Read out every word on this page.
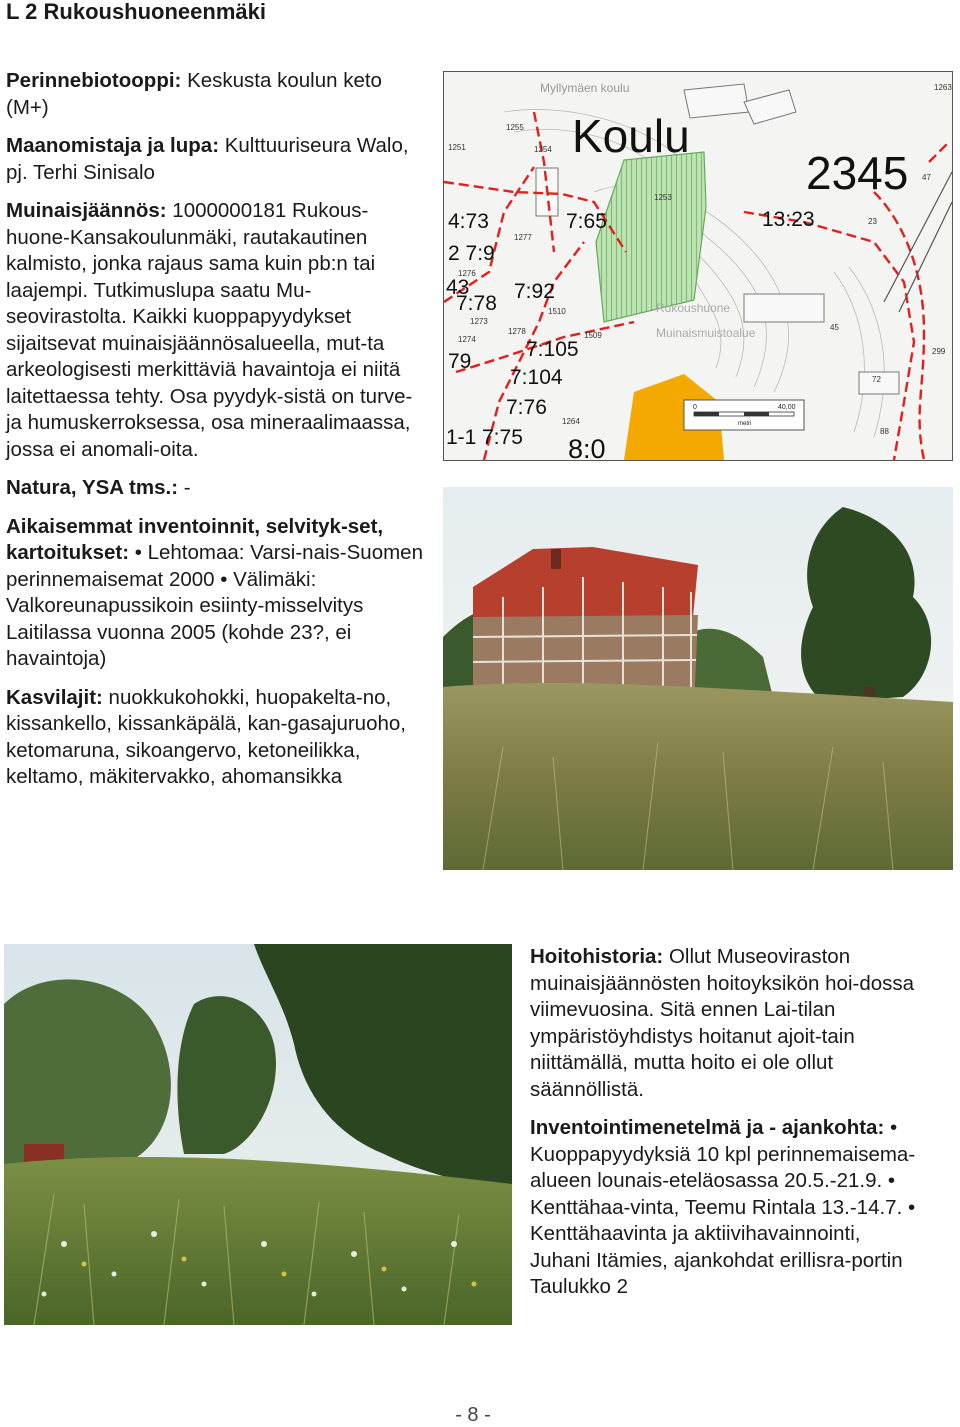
L 2 Rukoushuoneenmäki

Perinnebiotooppi: Keskusta koulun keto (M+)

Maanomistaja ja lupa: Kulttuuriseura Walo, pj. Terhi Sinisalo

Muinaisjäännös: 1000000181 Rukous-huone-Kansakoulunmäki, rautakautinen kalmisto, jonka rajaus sama kuin pb:n tai laajempi. Tutkimuslupa saatu Mu-seovirastolta. Kaikki kuoppapyydykset sijaitsevat muinaisjäännösalueella, mut-ta arkeologisesti merkittäviä havaintoja ei niitä laitettaessa tehty. Osa pyydyk-sistä on turve- ja humuskerroksessa, osa mineraalimaassa, jossa ei anomali-oita.

Natura, YSA tms.: -

Aikaisemmat inventoinnit, selvityk-set, kartoitukset: • Lehtomaa: Varsi-nais-Suomen perinnemaisemat 2000 • Välimäki: Valkoreunapussikoin esiinty-misselvitys Laitilassa vuonna 2005 (kohde 23?, ei havaintoja)

Kasvilajit: nuokkukohokki, huopakelta-no, kissankello, kissankäpälä, kan-gasajuruoho, ketomaruna, sikoangervo, ketoneilikka, keltamo, mäkitervakko, ahomansikka

0	40,00
metri
Koulu
2345
Myllymäen koulu
Rukoushuone
Muinaismuistoalue
4:73	7:65	13:23
2 7:9
43
7:78
7:92
7:105
79
7:104
7:76
1-1 7:75 8:0
1255
1254
1251
1253
1263
23
1277
1276
1510
1273
1278	1509
1274
1264
72
88
299
45
47

Hoitohistoria: Ollut Museoviraston muinaisjäännösten hoitoyksikön hoi-dossa viimevuosina. Sitä ennen Lai-tilan ympäristöyhdistys hoitanut ajoit-tain niittämällä, mutta hoito ei ole ollut säännöllistä.

Inventointimenetelmä ja - ajankohta: • Kuoppapyydyksiä 10 kpl perinnemaisema-alueen lounais-eteläosassa 20.5.-21.9. • Kenttähaa-vinta, Teemu Rintala 13.-14.7. • Kenttähaavinta ja aktiivihavainnointi, Juhani Itämies, ajankohdat erillisra-portin Taulukko 2

- 8 -
